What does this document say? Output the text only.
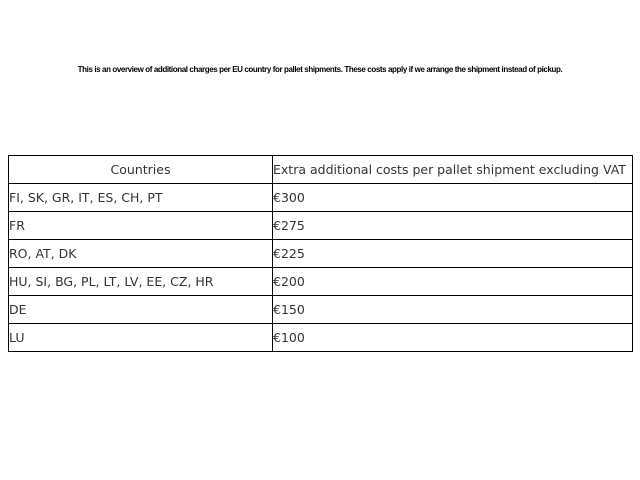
This is an overview of additional charges per EU country for pallet shipments. These costs apply if we arrange the shipment instead of pickup.

Countries	Extra additional costs per pallet shipment excluding VAT
FI, SK, GR, IT, ES, CH, PT	€300
FR	€275
RO, AT, DK	€225
HU, SI, BG, PL, LT, LV, EE, CZ, HR	€200
DE	€150
LU	€100
